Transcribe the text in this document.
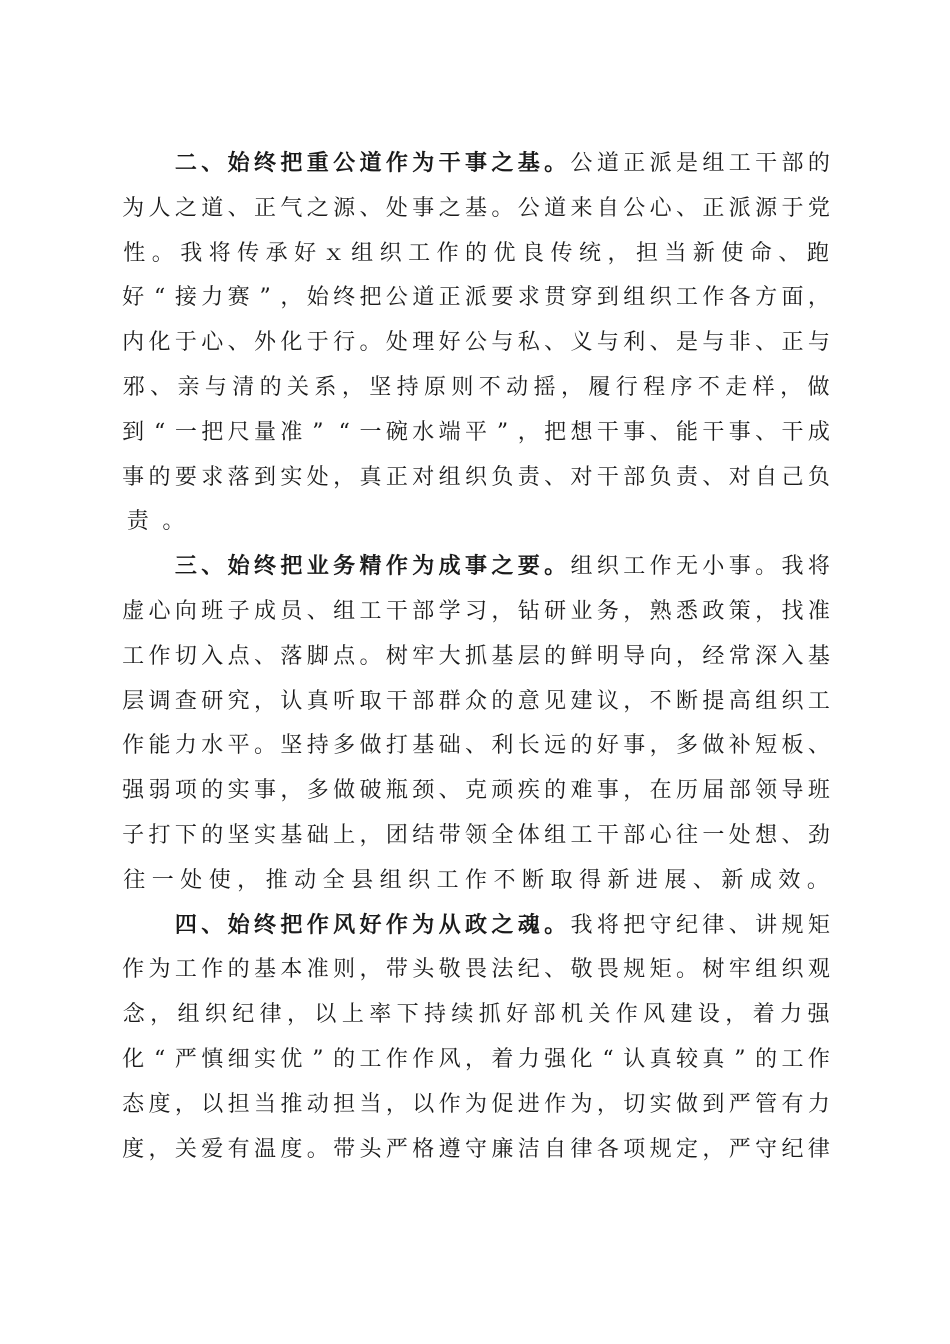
二 、 始 终 把 重 公 道 作 为 干 事 之 基 。 公 道 正 派 是 组 工 干 部 的
为 人 之 道 、 正 气 之 源 、 处 事 之 基 。 公 道 来 自 公 心 、 正 派 源 于 党
性 。 我 将 传 承 好 ｘ 组 织 工 作 的 优 良 传 统 ， 担 当 新 使 命 、 跑
好 “ 接 力 赛 ” ， 始 终 把 公 道 正 派 要 求 贯 穿 到 组 织 工 作 各 方 面 ，
内 化 于 心 、 外 化 于 行 。 处 理 好 公 与 私 、 义 与 利 、 是 与 非 、 正 与
邪 、 亲 与 清 的 关 系 ， 坚 持 原 则 不 动 摇 ， 履 行 程 序 不 走 样 ， 做
到 “ 一 把 尺 量 准 ” “ 一 碗 水 端 平 ” ， 把 想 干 事 、 能 干 事 、 干 成
事 的 要 求 落 到 实 处 ， 真 正 对 组 织 负 责 、 对 干 部 负 责 、 对 自 己 负
责 。

三 、 始 终 把 业 务 精 作 为 成 事 之 要 。 组 织 工 作 无 小 事 。 我 将
虚 心 向 班 子 成 员 、 组 工 干 部 学 习 ， 钻 研 业 务 ， 熟 悉 政 策 ， 找 准
工 作 切 入 点 、 落 脚 点 。 树 牢 大 抓 基 层 的 鲜 明 导 向 ， 经 常 深 入 基
层 调 查 研 究 ， 认 真 听 取 干 部 群 众 的 意 见 建 议 ， 不 断 提 高 组 织 工
作 能 力 水 平 。 坚 持 多 做 打 基 础 、 利 长 远 的 好 事 ， 多 做 补 短 板 、
强 弱 项 的 实 事 ， 多 做 破 瓶 颈 、 克 顽 疾 的 难 事 ， 在 历 届 部 领 导 班
子 打 下 的 坚 实 基 础 上 ， 团 结 带 领 全 体 组 工 干 部 心 往 一 处 想 、 劲
往 一 处 使 ， 推 动 全 县 组 织 工 作 不 断 取 得 新 进 展 、 新 成 效 。

四 、 始 终 把 作 风 好 作 为 从 政 之 魂 。 我 将 把 守 纪 律 、 讲 规 矩
作 为 工 作 的 基 本 准 则 ， 带 头 敬 畏 法 纪 、 敬 畏 规 矩 。 树 牢 组 织 观
念 ， 组 织 纪 律 ， 以 上 率 下 持 续 抓 好 部 机 关 作 风 建 设 ， 着 力 强
化 “ 严 慎 细 实 优 ” 的 工 作 作 风 ， 着 力 强 化 “ 认 真 较 真 ” 的 工 作
态 度 ， 以 担 当 推 动 担 当 ， 以 作 为 促 进 作 为 ， 切 实 做 到 严 管 有 力
度 ， 关 爱 有 温 度 。 带 头 严 格 遵 守 廉 洁 自 律 各 项 规 定 ， 严 守 纪 律
